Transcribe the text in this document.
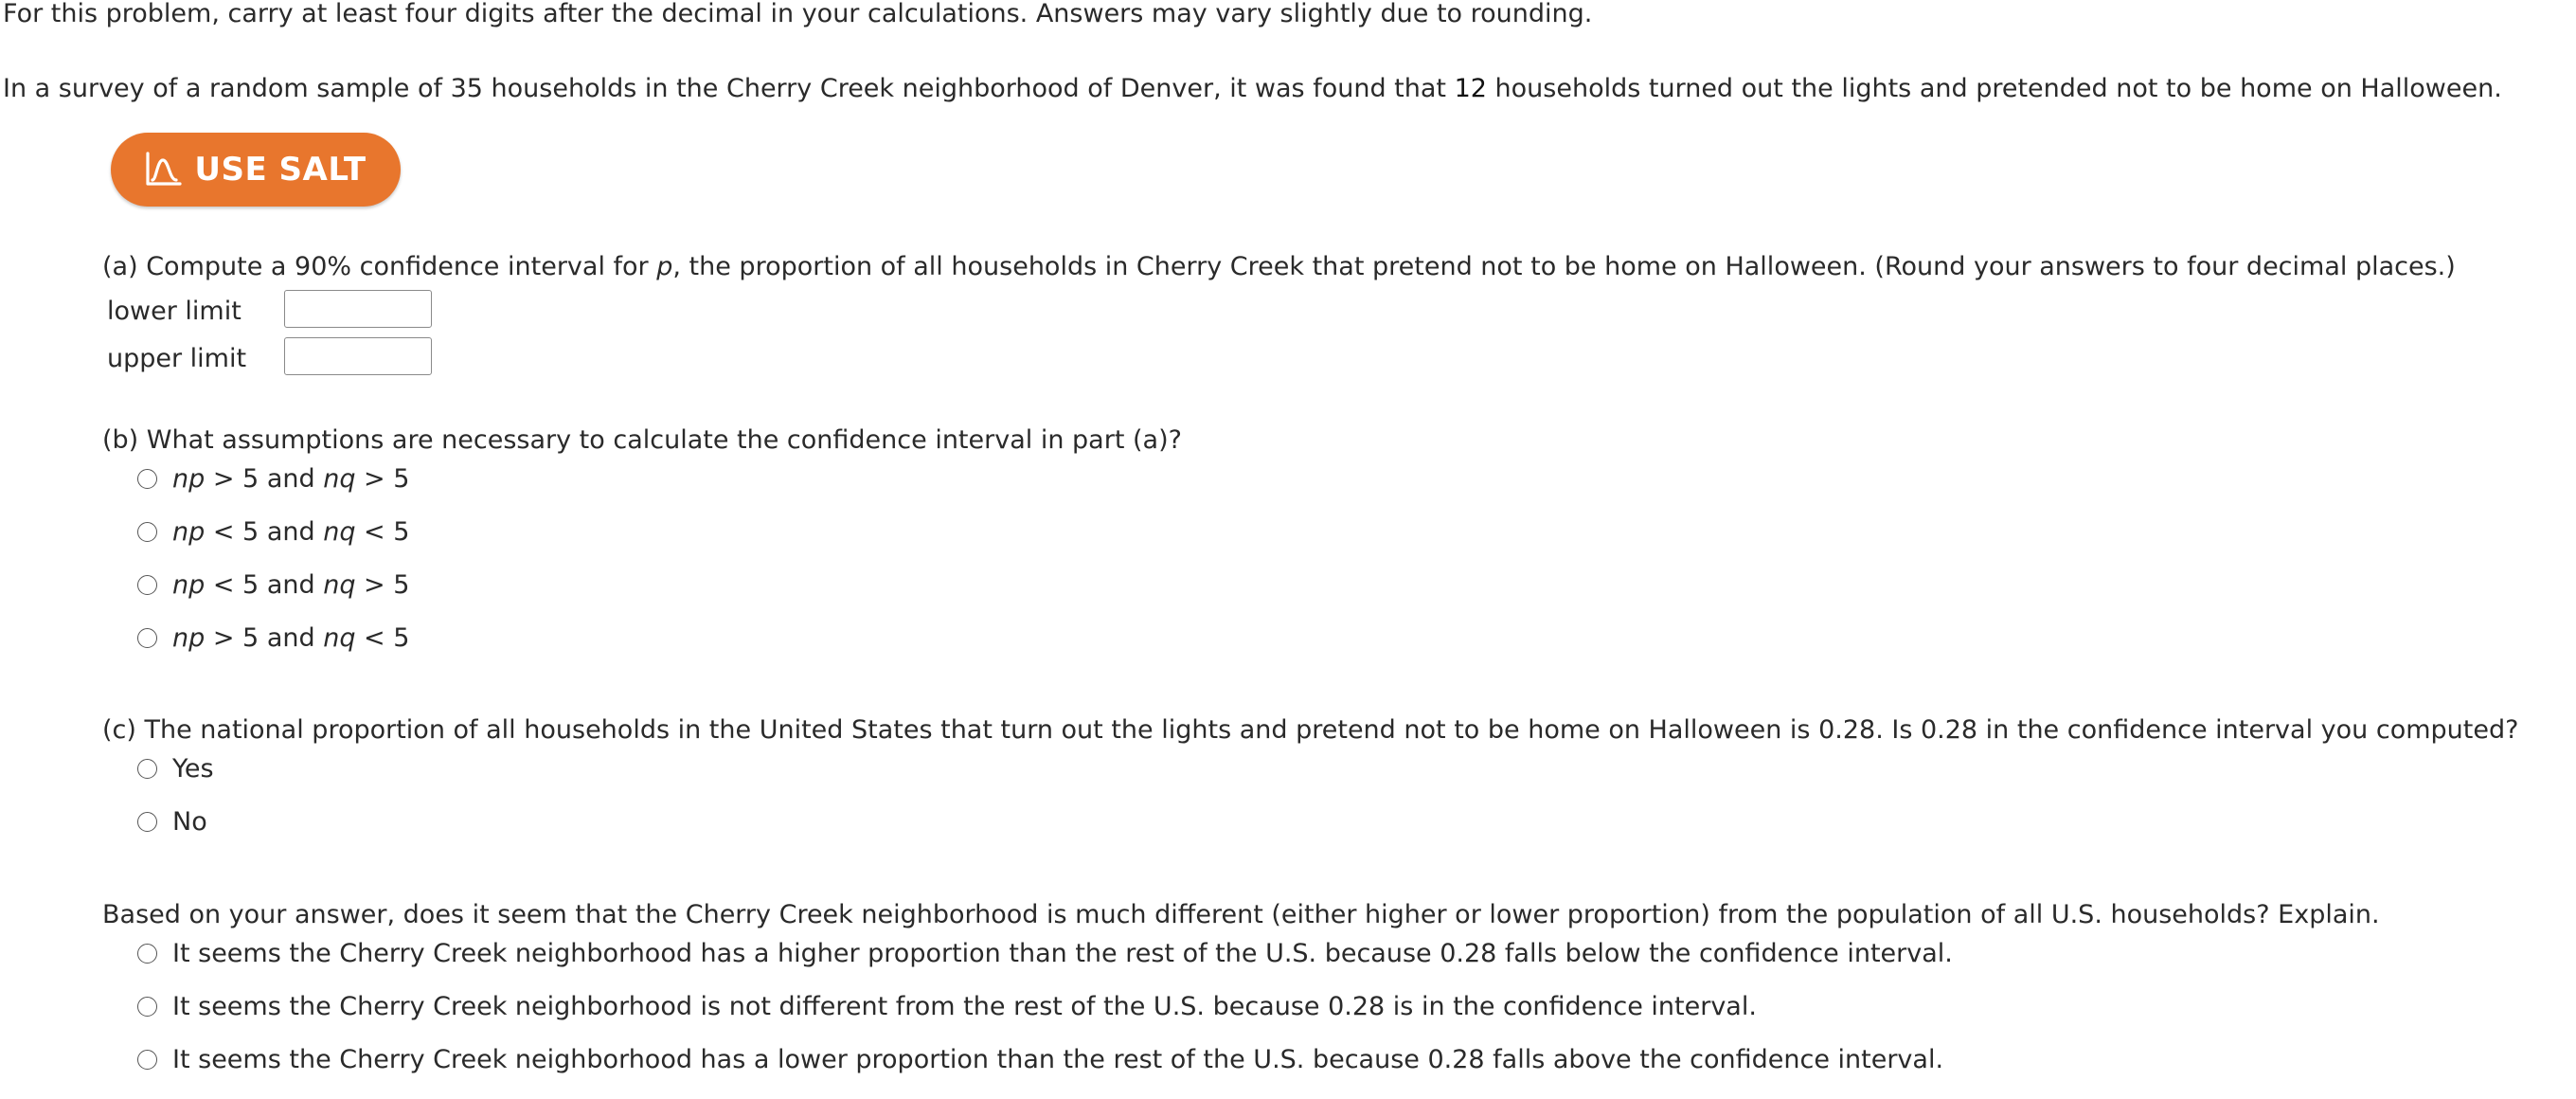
For this problem, carry at least four digits after the decimal in your calculations. Answers may vary slightly due to rounding.
In a survey of a random sample of 35 households in the Cherry Creek neighborhood of Denver, it was found that 12 households turned out the lights and pretended not to be home on Halloween.
USE SALT
(a) Compute a 90% confidence interval for p, the proportion of all households in Cherry Creek that pretend not to be home on Halloween. (Round your answers to four decimal places.)
lower limit
upper limit
(b) What assumptions are necessary to calculate the confidence interval in part (a)?
np > 5 and nq > 5
np < 5 and nq < 5
np < 5 and nq > 5
np > 5 and nq < 5
(c) The national proportion of all households in the United States that turn out the lights and pretend not to be home on Halloween is 0.28. Is 0.28 in the confidence interval you computed?
Yes
No
Based on your answer, does it seem that the Cherry Creek neighborhood is much different (either higher or lower proportion) from the population of all U.S. households? Explain.
It seems the Cherry Creek neighborhood has a higher proportion than the rest of the U.S. because 0.28 falls below the confidence interval.
It seems the Cherry Creek neighborhood is not different from the rest of the U.S. because 0.28 is in the confidence interval.
It seems the Cherry Creek neighborhood has a lower proportion than the rest of the U.S. because 0.28 falls above the confidence interval.
